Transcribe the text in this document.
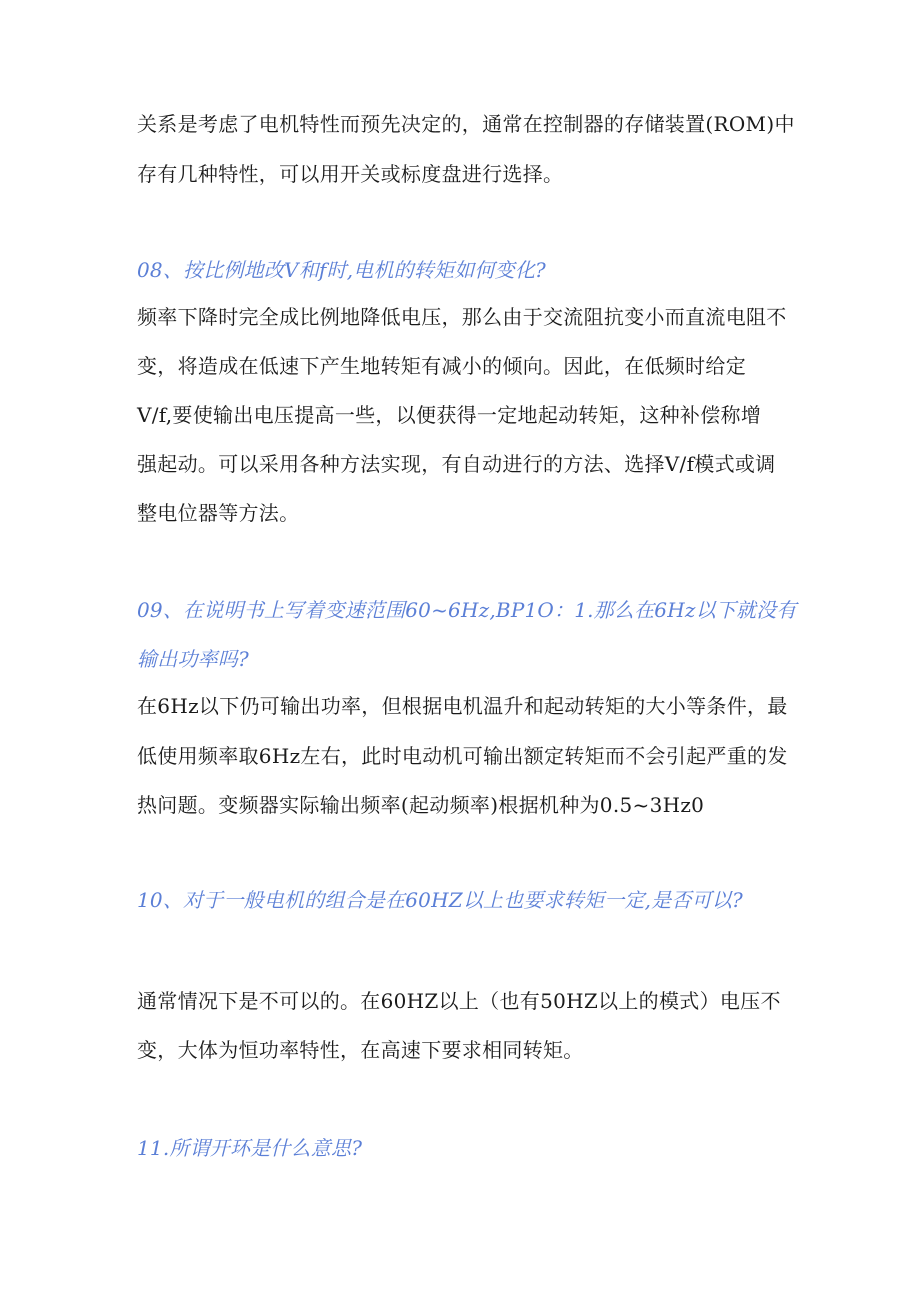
关系是考虑了电机特性而预先决定的，通常在控制器的存储装置(ROM)中
存有几种特性，可以用开关或标度盘进行选择。
08、按比例地改V和f时,电机的转矩如何变化?
频率下降时完全成比例地降低电压，那么由于交流阻抗变小而直流电阻不
变，将造成在低速下产生地转矩有减小的倾向。因此，在低频时给定
V/f,要使输出电压提高一些，以便获得一定地起动转矩，这种补偿称增
强起动。可以采用各种方法实现，有自动进行的方法、选择V/f模式或调
整电位器等方法。
09、在说明书上写着变速范围60~6Hz,BP1O：1.那么在6Hz以下就没有
输出功率吗?
在6Hz以下仍可输出功率，但根据电机温升和起动转矩的大小等条件，最
低使用频率取6Hz左右，此时电动机可输出额定转矩而不会引起严重的发
热问题。变频器实际输出频率(起动频率)根据机种为0.5~3Hz0
10、对于一般电机的组合是在60HZ以上也要求转矩一定,是否可以?
通常情况下是不可以的。在60HZ以上（也有50HZ以上的模式）电压不
变，大体为恒功率特性，在高速下要求相同转矩。
11.所谓开环是什么意思?
